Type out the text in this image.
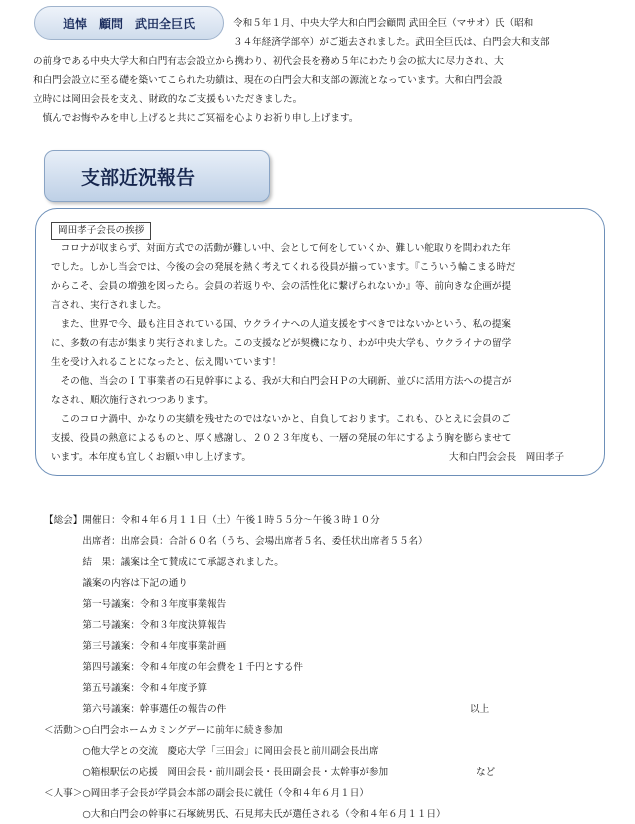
追悼　顧問　武田全巨氏	令和５年１月、中央大学大和白門会顧問 武田全巨（マサオ）氏（昭和
３４年経済学部卒）がご逝去されました。武田全巨氏は、白門会大和支部
の前身である中央大学大和白門有志会設立から携わり、初代会長を務め５年にわたり会の拡大に尽力され、大
和白門会設立に至る礎を築いてこられた功績は、現在の白門会大和支部の源流となっています。大和白門会設
立時には岡田会長を支え、財政的なご支援もいただきました。
　慎んでお悔やみを申し上げると共にご冥福を心よりお祈り申し上げます。
支部近況報告
岡田孝子会長の挨拶
　コロナが収まらず、対面方式での活動が難しい中、会として何をしていくか、難しい舵取りを問われた年
でした。しかし当会では、今後の会の発展を熱く考えてくれる役員が揃っています。『こういう輪こまる時だ
からこそ、会員の増強を図ったら。会員の若返りや、会の活性化に繋げられないか』等、前向きな企画が提
言され、実行されました。
　また、世界で今、最も注目されている国、ウクライナへの人道支援をすべきではないかという、私の提案
に、多数の有志が集まり実行されました。この支援などが契機になり、わが中央大学も、ウクライナの留学
生を受け入れることになったと、伝え聞いています！
　その他、当会のＩＴ事業者の石見幹事による、我が大和白門会ＨＰの大刷新、並びに活用方法への提言が
なされ、順次施行されつつあります。
　このコロナ渦中、かなりの実績を残せたのではないかと、自負しております。これも、ひとえに会員のご
支援、役員の熱意によるものと、厚く感謝し、２０２３年度も、一層の発展の年にするよう胸を膨らませて
います。本年度も宜しくお願い申し上げます。	大和白門会会長　岡田孝子
【総会】開催日：令和４年６月１１日（土）午後１時５５分～午後３時１０分
　　　　出席者：出席会員：合計６０名（うち、会場出席者５名、委任状出席者５５名）
　　　　結　果：議案は全て賛成にて承認されました。
　　　　議案の内容は下記の通り
　　　　第一号議案：令和３年度事業報告
　　　　第二号議案：令和３年度決算報告
　　　　第三号議案：令和４年度事業計画
　　　　第四号議案：令和４年度の年会費を１千円とする件
　　　　第五号議案：令和４年度予算
　　　　第六号議案：幹事選任の報告の件	以上
＜活動＞○白門会ホームカミングデーに前年に続き参加
　　　　○他大学との交流　慶応大学「三田会」に岡田会長と前川副会長出席
　　　　○箱根駅伝の応援　岡田会長・前川副会長・長田副会長・太幹事が参加	など
＜人事＞○岡田孝子会長が学員会本部の副会長に就任（令和４年６月１日）
　　　　○大和白門会の幹事に石塚統男氏、石見邦夫氏が選任される（令和４年６月１１日）
